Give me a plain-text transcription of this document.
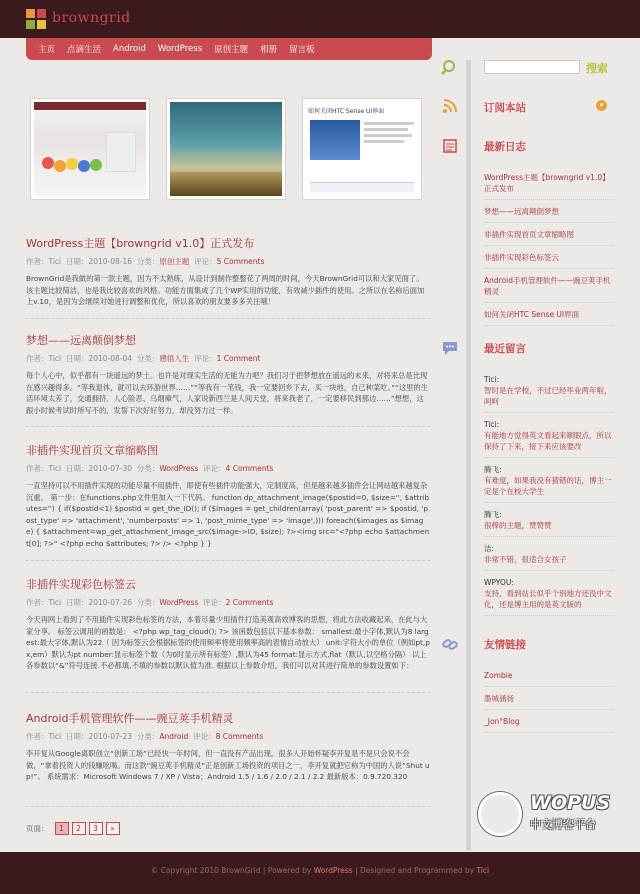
browngrid
主页 点滴生活 Android WordPress 原创主题 相册 留言板
如何关闭HTC Sense UI界面
WordPress主题【browngrid v1.0】正式发布
作者：Tici 日期：2010-08-16 分类：原创主题 评论：5 Comments
BrownGrid是我做的第一款主题，因为不太熟练，从设计到制作整整花了两周的时间，今天BrownGrid可以和大家见面了。该主题比较简洁，也是我比较喜欢的风格。功能方面集成了几个WP实用的功能，有效减少插件的使用。之所以在名称后面加上v.10，是因为会继续对她进行调整和优化，所以喜欢的朋友要多多关注哦！
梦想——远离颠倒梦想
作者：Tici 日期：2010-08-04 分类：感悟人生 评论：1 Comment
每个人心中，似乎都有一块遥远的梦土。也许是对现实生活的无能为力吧？我们习于把梦想放在遥远的未来，对将来总是比现在感兴趣得多。“等我退休，就可以去环游世界……”“等我有一笔钱，我一定要回乡下去，买一块地，自己种菜吃。”“这里的生活环境太差了，交通拥挤、人心险恶、乌烟瘴气，人家说新西兰是人间天堂，将来我老了，一定要移民到那边……”想想，这跟小时候考试时所写不的，发誓下次好好努力，却没努力过一样。
非插件实现首页文章缩略图
作者：Tici 日期：2010-07-30 分类：WordPress 评论：4 Comments
一直坚持可以不用插件实现的功能尽量不用插件，即使有些插件功能强大，定制度高，但是越来越多插件会让网站越来越复杂沉重。 第一步：在functions.php文件里加入一下代码。 function dp_attachment_image($postid=0, $size='', $attributes='') { if($postid<1) $postid = get_the_ID(); if ($images = get_children(array( 'post_parent' => $postid, 'post_type' => 'attachment', 'numberposts' => 1, 'post_mime_type' => 'image',))) foreach($images as $image) { $attachment=wp_get_attachment_image_src($image->ID, $size); ?><img src="<?php echo $attachment[0]; ?>" <?php echo $attributes; ?> /> <?php } }
非插件实现彩色标签云
作者：Tici 日期：2010-07-26 分类：WordPress 评论：2 Comments
今天再网上看到了不用插件实现彩色标签的方法，本着尽量少用插件打造美观高效博客的思想，将此方法收藏起来，在此与大家分享。 标签云调用的函数是： <?php wp_tag_cloud(); ?> 该函数包括以下基本参数： smallest:最小字体,默认为8 largest:最大字体,默认为22（ 因为标签云会根据标签的使用频率将使用频率高的表情自动放大） unit:字符大小的单位（例如pt,px,em）默认为pt number:显示标签个数（为0时显示所有标签）,默认为45 format:显示方式,flat（默认,以空格分隔） 以上各参数以“&”符号连接.不必都填,不填的参数以默认值为准. 根据以上参数介绍，我们可以对其进行简单的参数设置如下：
Android手机管理软件——豌豆荚手机精灵
作者：Tici 日期：2010-07-23 分类：Android 评论：8 Comments
李开复从Google离职创立“创新工场”已经快一年时间，但一直没有产品出现。很多人开始怀疑李开复是不是只会说不会做，“拿着投资人的钱赚吆喝。而这款“豌豆荚手机精灵”正是创新工场投资的项目之一，李开复就把它称为中国的人说“Shut up!”。 系统需求：Microsoft Windows 7 / XP / Vista；Android 1.5 / 1.6 / 2.0 / 2.1 / 2.2 最新版本：0.9.720.320
页面：	1	2	3	»
搜索
订阅本站	▾
最新日志
WordPress主题【browngrid v1.0】正式发布
梦想——远离颠倒梦想
非插件实现首页文章缩略图
非插件实现彩色标签云
Android手机管理软件——豌豆荚手机精灵
如何关闭HTC Sense UI界面
最近留言
Tici:
智时是在学校，不过已经毕业两年啦，呵呵
Tici:
有能地方觉得英文看起来顺眼点，所以保持了下来，接下来应该要改
腾飞:
有难度，如果我没有猜错的话，博主一定是个在校大学生
腾飞:
很棒的主题，赞赞赞
洁:
非常不错，很适合女孩子
WPYOU:
支持，看到站长似乎个别地方还没中文化，还是博主用的是英文版的
友情链接
Zombie
墨城涵扬
_Jon°Blog
WOPUS
中文博客平台
© Copyright 2010 BrownGrid | Powered by WordPress | Designed and Programmed by Tici
